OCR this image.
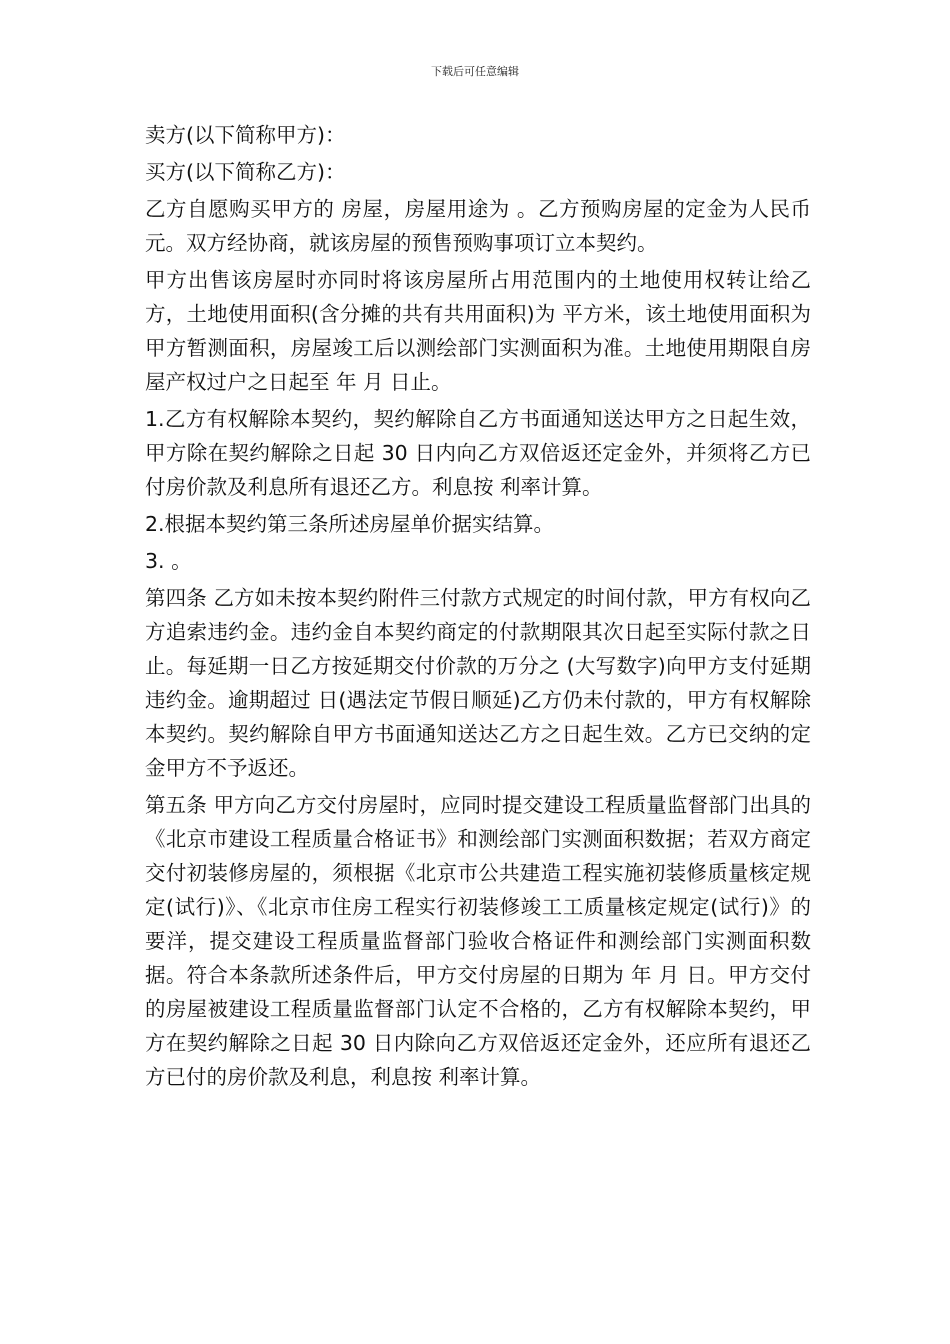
下载后可任意编辑

卖方(以下简称甲方)：

买方(以下简称乙方)：

乙方自愿购买甲方的 房屋，房屋用途为 。乙方预购房屋的定金为人民币 元。双方经协商，就该房屋的预售预购事项订立本契约。

甲方出售该房屋时亦同时将该房屋所占用范围内的土地使用权转让给乙方，土地使用面积(含分摊的共有共用面积)为 平方米，该土地使用面积为甲方暂测面积，房屋竣工后以测绘部门实测面积为准。土地使用期限自房屋产权过户之日起至 年 月 日止。

1.乙方有权解除本契约，契约解除自乙方书面通知送达甲方之日起生效，甲方除在契约解除之日起 30 日内向乙方双倍返还定金外，并须将乙方已付房价款及利息所有退还乙方。利息按 利率计算。

2.根据本契约第三条所述房屋单价据实结算。

3. 。

第四条 乙方如未按本契约附件三付款方式规定的时间付款，甲方有权向乙方追索违约金。违约金自本契约商定的付款期限其次日起至实际付款之日止。每延期一日乙方按延期交付价款的万分之 (大写数字)向甲方支付延期违约金。逾期超过 日(遇法定节假日顺延)乙方仍未付款的，甲方有权解除本契约。契约解除自甲方书面通知送达乙方之日起生效。乙方已交纳的定金甲方不予返还。

第五条 甲方向乙方交付房屋时，应同时提交建设工程质量监督部门出具的《北京市建设工程质量合格证书》和测绘部门实测面积数据；若双方商定交付初装修房屋的，须根据《北京市公共建造工程实施初装修质量核定规定(试行)》、《北京市住房工程实行初装修竣工工质量核定规定(试行)》的要洋，提交建设工程质量监督部门验收合格证件和测绘部门实测面积数据。符合本条款所述条件后，甲方交付房屋的日期为 年 月 日。甲方交付的房屋被建设工程质量监督部门认定不合格的，乙方有权解除本契约，甲方在契约解除之日起 30 日内除向乙方双倍返还定金外，还应所有退还乙方已付的房价款及利息，利息按 利率计算。
